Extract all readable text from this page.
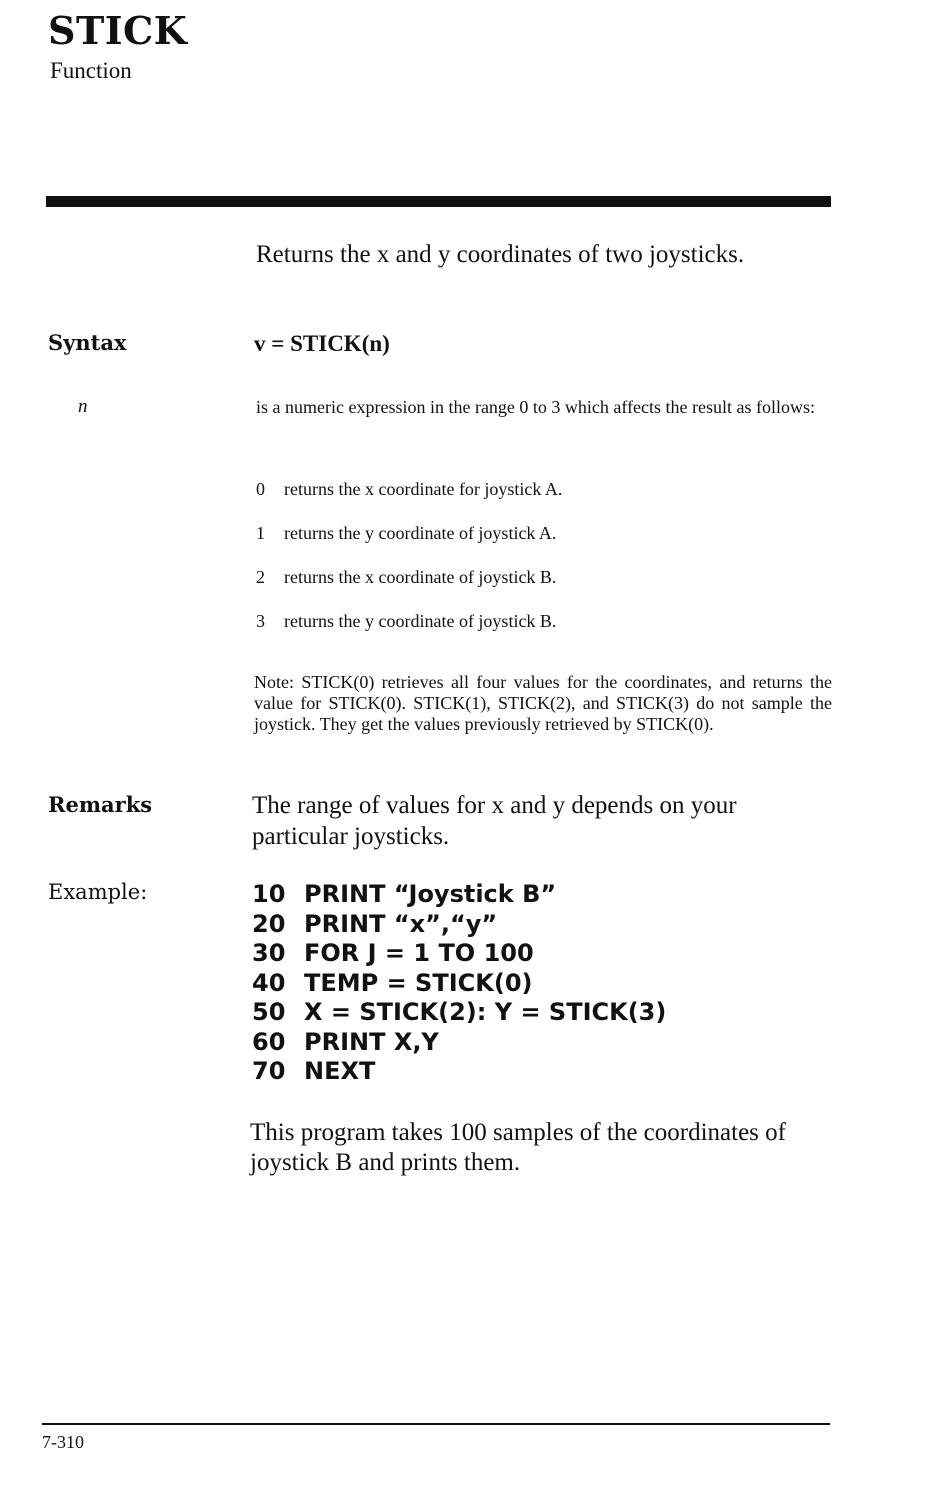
STICK
Function
Returns the x and y coordinates of two joysticks.
Syntax	v = STICK(n)
n	is a numeric expression in the range 0 to 3 which affects the result as follows:
0 returns the x coordinate for joystick A.
1 returns the y coordinate of joystick A.
2 returns the x coordinate of joystick B.
3 returns the y coordinate of joystick B.
Note: STICK(0) retrieves all four values for the coordinates, and returns the value for STICK(0). STICK(1), STICK(2), and STICK(3) do not sample the joystick. They get the values previously retrieved by STICK(0).
Remarks	The range of values for x and y depends on your particular joysticks.
Example:	10 PRINT “Joystick B”
20 PRINT “x”,“y”
30 FOR J = 1 TO 100
40 TEMP = STICK(0)
50 X = STICK(2): Y = STICK(3)
60 PRINT X,Y
70 NEXT
This program takes 100 samples of the coordinates of joystick B and prints them.
7-310
